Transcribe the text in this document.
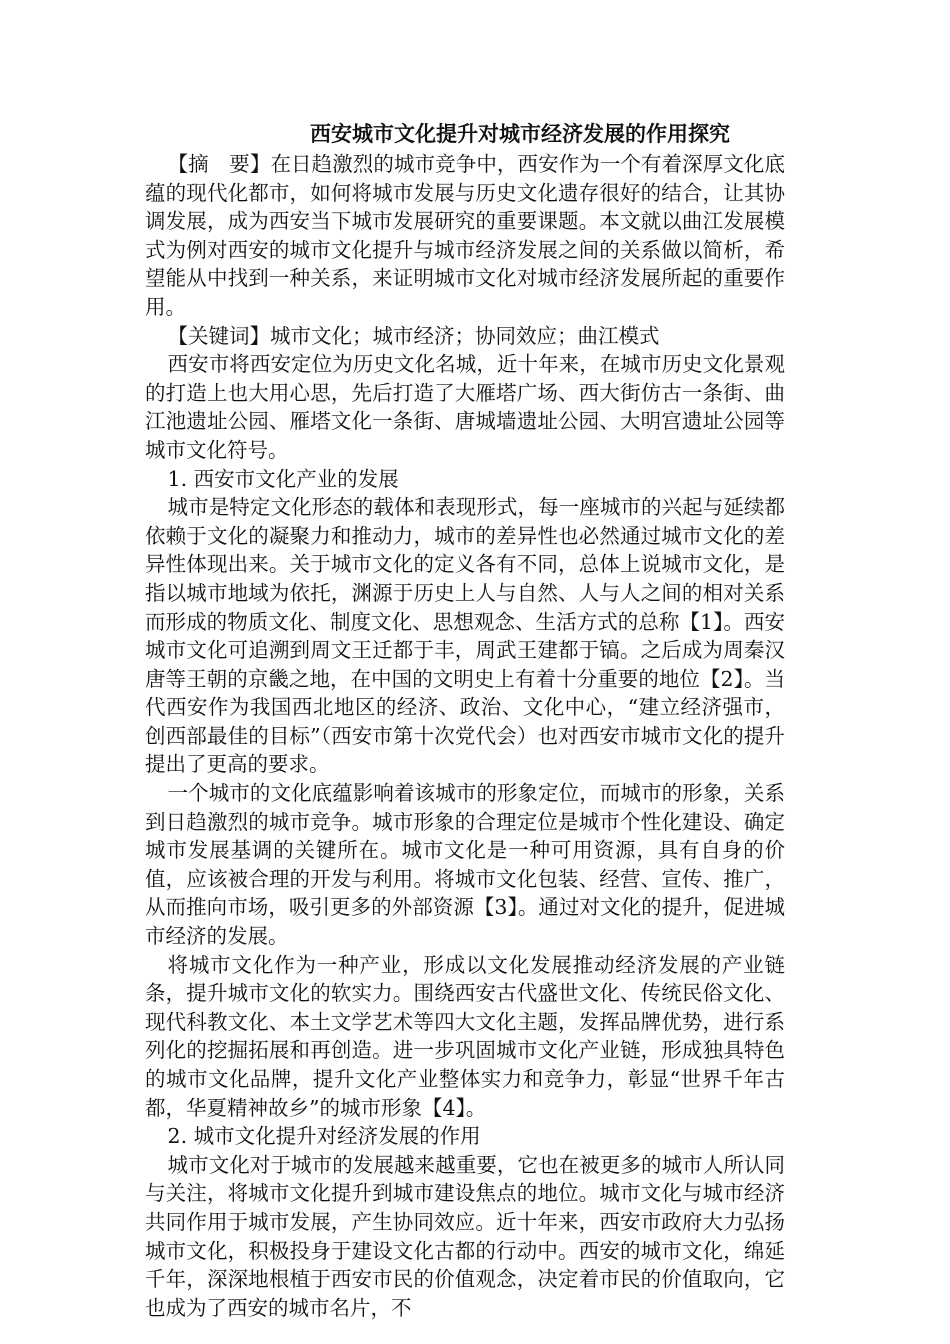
西安城市文化提升对城市经济发展的作用探究

【摘　要】在日趋激烈的城市竞争中，西安作为一个有着深厚文化底蕴的现代化都市，如何将城市发展与历史文化遗存很好的结合，让其协调发展，成为西安当下城市发展研究的重要课题。本文就以曲江发展模式为例对西安的城市文化提升与城市经济发展之间的关系做以简析，希望能从中找到一种关系，来证明城市文化对城市经济发展所起的重要作用。

【关键词】城市文化；城市经济；协同效应；曲江模式

西安市将西安定位为历史文化名城，近十年来，在城市历史文化景观的打造上也大用心思，先后打造了大雁塔广场、西大街仿古一条街、曲江池遗址公园、雁塔文化一条街、唐城墙遗址公园、大明宫遗址公园等城市文化符号。

1. 西安市文化产业的发展

城市是特定文化形态的载体和表现形式，每一座城市的兴起与延续都依赖于文化的凝聚力和推动力，城市的差异性也必然通过城市文化的差异性体现出来。关于城市文化的定义各有不同，总体上说城市文化，是指以城市地域为依托，渊源于历史上人与自然、人与人之间的相对关系而形成的物质文化、制度文化、思想观念、生活方式的总称【1】。西安城市文化可追溯到周文王迁都于丰，周武王建都于镐。之后成为周秦汉唐等王朝的京畿之地，在中国的文明史上有着十分重要的地位【2】。当代西安作为我国西北地区的经济、政治、文化中心，“建立经济强市，创西部最佳的目标”（西安市第十次党代会）也对西安市城市文化的提升提出了更高的要求。

一个城市的文化底蕴影响着该城市的形象定位，而城市的形象，关系到日趋激烈的城市竞争。城市形象的合理定位是城市个性化建设、确定城市发展基调的关键所在。城市文化是一种可用资源，具有自身的价值，应该被合理的开发与利用。将城市文化包装、经营、宣传、推广，从而推向市场，吸引更多的外部资源【3】。通过对文化的提升，促进城市经济的发展。

将城市文化作为一种产业，形成以文化发展推动经济发展的产业链条，提升城市文化的软实力。围绕西安古代盛世文化、传统民俗文化、现代科教文化、本土文学艺术等四大文化主题，发挥品牌优势，进行系列化的挖掘拓展和再创造。进一步巩固城市文化产业链，形成独具特色的城市文化品牌，提升文化产业整体实力和竞争力，彰显“世界千年古都，华夏精神故乡”的城市形象【4】。

2. 城市文化提升对经济发展的作用

城市文化对于城市的发展越来越重要，它也在被更多的城市人所认同与关注，将城市文化提升到城市建设焦点的地位。城市文化与城市经济共同作用于城市发展，产生协同效应。近十年来，西安市政府大力弘扬城市文化，积极投身于建设文化古都的行动中。西安的城市文化，绵延千年，深深地根植于西安市民的价值观念，决定着市民的价值取向，它也成为了西安的城市名片，不
